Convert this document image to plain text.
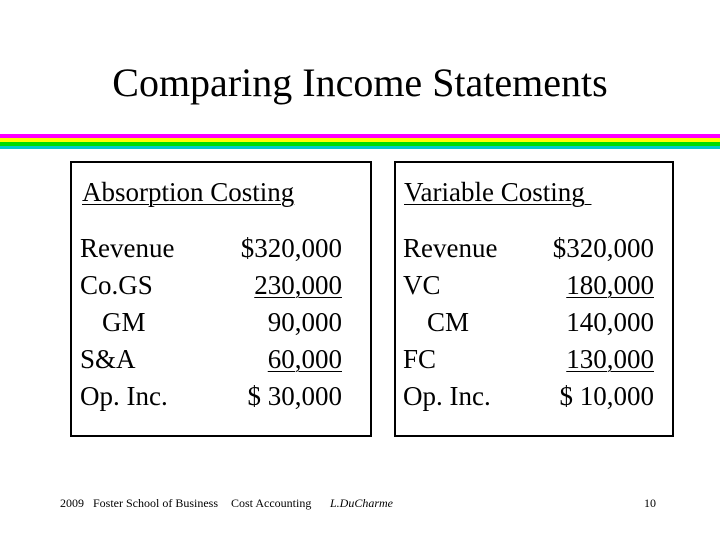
Comparing Income Statements
Absorption Costing
Revenue $320,000
Co.GS	230,000
GM	90,000
S&A	60,000
Op. Inc.	$ 30,000
Variable Costing
Revenue $320,000
VC	180,000
CM	140,000
FC	130,000
Op. Inc.	$ 10,000
2009 Foster School of Business Cost Accounting L.DuCharme	10
